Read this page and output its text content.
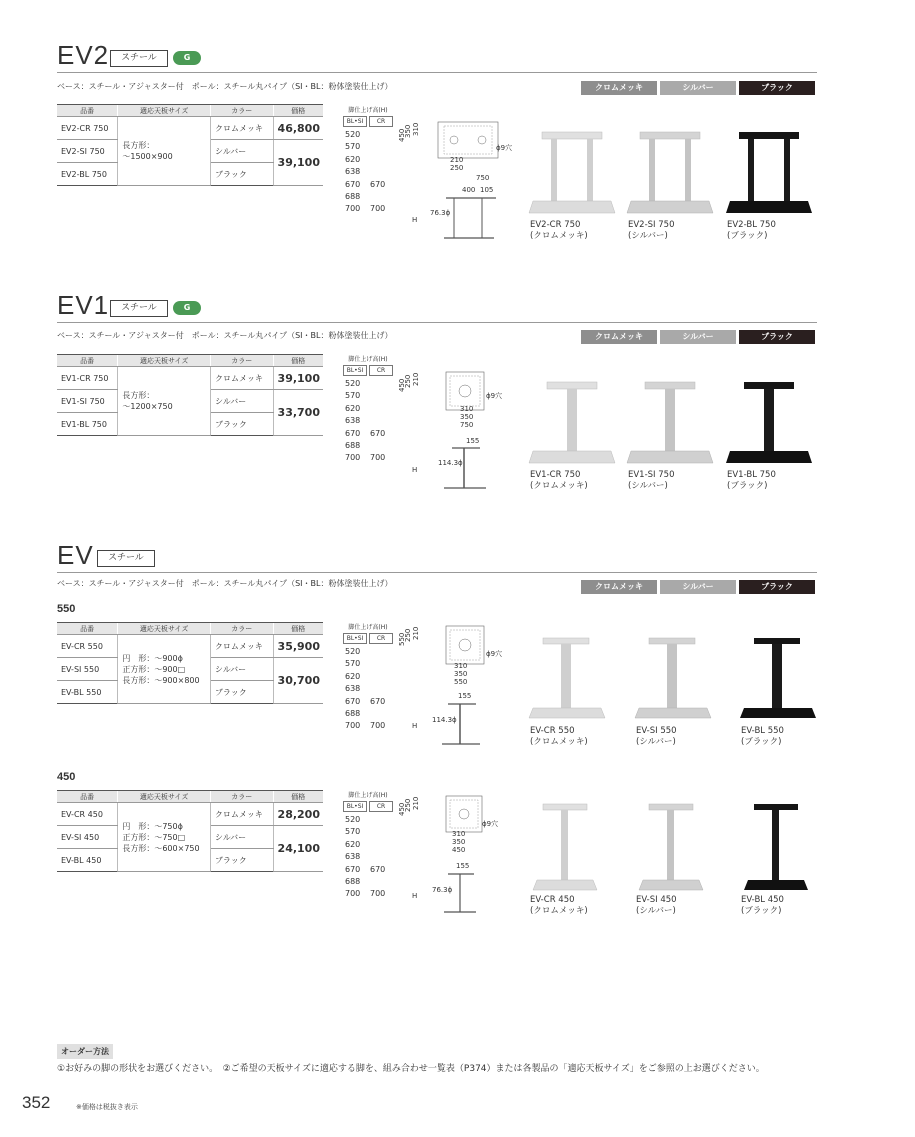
EV2	スチール	G
ベース：スチール・アジャスター付　ポール：スチール丸パイプ（SI・BL：粉体塗装仕上げ）	クロムメッキ	シルバー	ブラック
品番	適応天板サイズ	カラー	価格
EV2-CR 750	長方形：
～1500×900	クロムメッキ	46,800
EV2-SI 750		シルバー	39,100
EV2-BL 750		ブラック	
脚仕上げ高(H)
BL•SI	CR
520
570
620
638
670	670
688
700	700
450
350 310
ϕ9穴
210
250
750
400 105
76.3ϕ
H	EV2-CR 750
(クロムメッキ)
EV2-SI 750
(シルバー)
EV2-BL 750
(ブラック)
EV1	スチール	G
ベース：スチール・アジャスター付　ポール：スチール丸パイプ（SI・BL：粉体塗装仕上げ）	クロムメッキ	シルバー	ブラック
品番	適応天板サイズ	カラー	価格
EV1-CR 750	長方形：
～1200×750	クロムメッキ	39,100
EV1-SI 750		シルバー	33,700
EV1-BL 750		ブラック	
脚仕上げ高(H)
BL•SI	CR
520
570
620
638
670	670
688
700	700
450
250 210
ϕ9穴
310
350
750
155
114.3ϕ
H	EV1-CR 750
(クロムメッキ)
EV1-SI 750
(シルバー)
EV1-BL 750
(ブラック)
EV	スチール
ベース：スチール・アジャスター付　ポール：スチール丸パイプ（SI・BL：粉体塗装仕上げ）	クロムメッキ	シルバー	ブラック
550
品番	適応天板サイズ	カラー	価格
EV-CR 550	円　形：～900ϕ
正方形：～900□
長方形：～900×800	クロムメッキ	35,900
EV-SI 550		シルバー	30,700
EV-BL 550		ブラック	
脚仕上げ高(H)
BL•SI	CR
520
570
620
638
670	670
688
700	700
550
250 210
ϕ9穴
310
350
550
155
114.3ϕ
H	EV-CR 550
(クロムメッキ)
EV-SI 550
(シルバー)
EV-BL 550
(ブラック)
450
品番	適応天板サイズ	カラー	価格
EV-CR 450	円　形：～750ϕ
正方形：～750□
長方形：～600×750	クロムメッキ	28,200
EV-SI 450		シルバー	24,100
EV-BL 450		ブラック	
脚仕上げ高(H)
BL•SI	CR
520
570
620
638
670	670
688
700	700
450
250 210
ϕ9穴
310
350
450
155
76.3ϕ
H	EV-CR 450
(クロムメッキ)
EV-SI 450
(シルバー)
EV-BL 450
(ブラック)
オーダー方法
①お好みの脚の形状をお選びください。　②ご希望の天板サイズに適応する脚を、組み合わせ一覧表（P374）または各製品の「適応天板サイズ」をご参照の上お選びください。
352	※価格は税抜き表示
